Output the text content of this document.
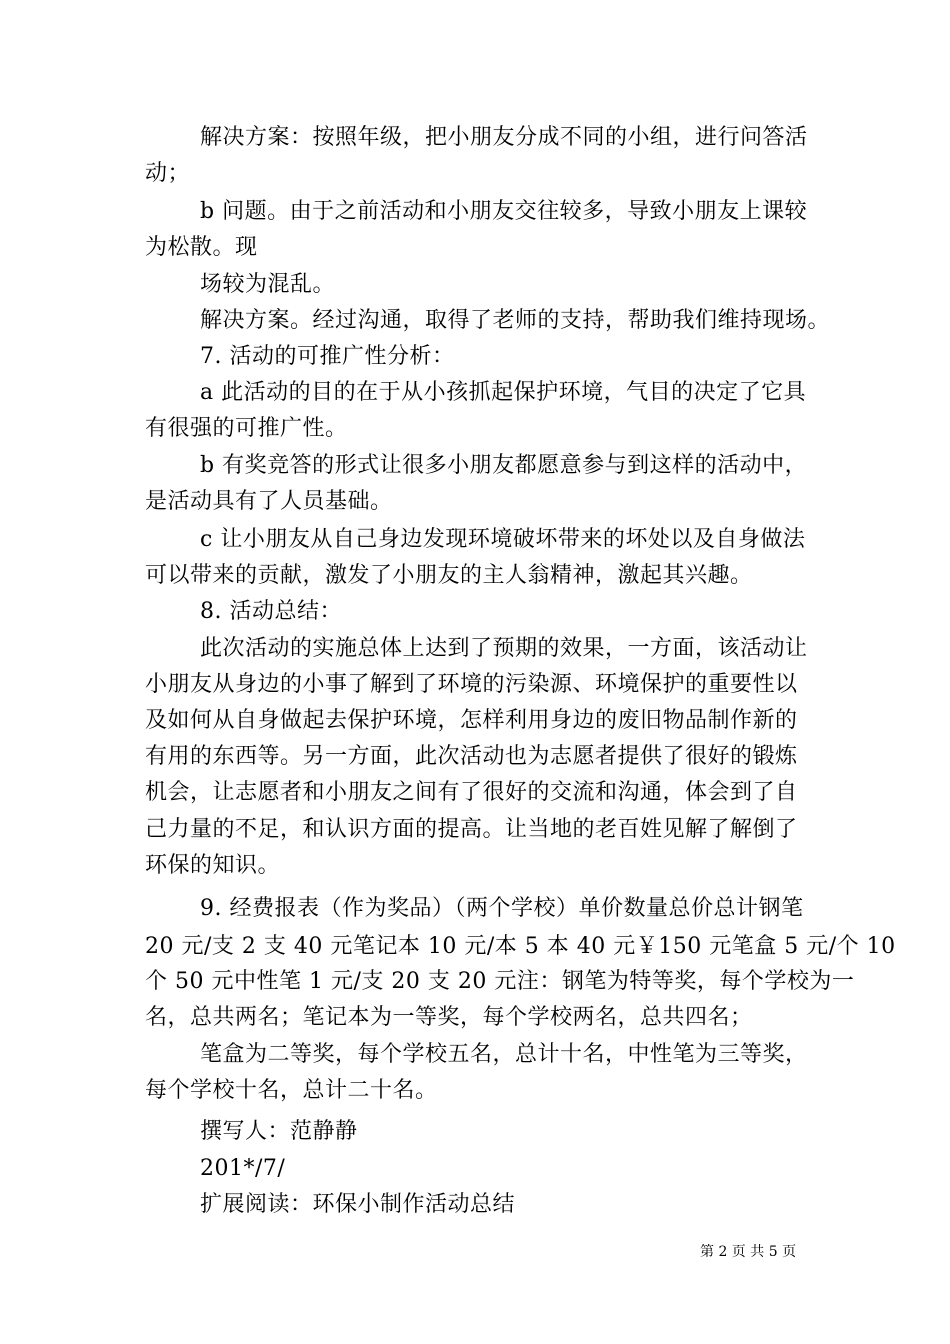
解决方案：按照年级，把小朋友分成不同的小组，进行问答活
动；
b 问题。由于之前活动和小朋友交往较多，导致小朋友上课较
为松散。现
场较为混乱。
解决方案。经过沟通，取得了老师的支持，帮助我们维持现场。
7. 活动的可推广性分析：
a 此活动的目的在于从小孩抓起保护环境，气目的决定了它具
有很强的可推广性。
b 有奖竞答的形式让很多小朋友都愿意参与到这样的活动中，
是活动具有了人员基础。
c 让小朋友从自己身边发现环境破坏带来的坏处以及自身做法
可以带来的贡献，激发了小朋友的主人翁精神，激起其兴趣。
8. 活动总结：
此次活动的实施总体上达到了预期的效果，一方面，该活动让
小朋友从身边的小事了解到了环境的污染源、环境保护的重要性以
及如何从自身做起去保护环境，怎样利用身边的废旧物品制作新的
有用的东西等。另一方面，此次活动也为志愿者提供了很好的锻炼
机会，让志愿者和小朋友之间有了很好的交流和沟通，体会到了自
己力量的不足，和认识方面的提高。让当地的老百姓见解了解倒了
环保的知识。
9. 经费报表（作为奖品）（两个学校）单价数量总价总计钢笔
20 元/支 2 支 40 元笔记本 10 元/本 5 本 40 元￥150 元笔盒 5 元/个 10
个 50 元中性笔 1 元/支 20 支 20 元注：钢笔为特等奖，每个学校为一
名，总共两名；笔记本为一等奖，每个学校两名，总共四名；
笔盒为二等奖，每个学校五名，总计十名，中性笔为三等奖，
每个学校十名，总计二十名。
撰写人：范静静
201*/7/
扩展阅读：环保小制作活动总结
第 2 页 共 5 页
